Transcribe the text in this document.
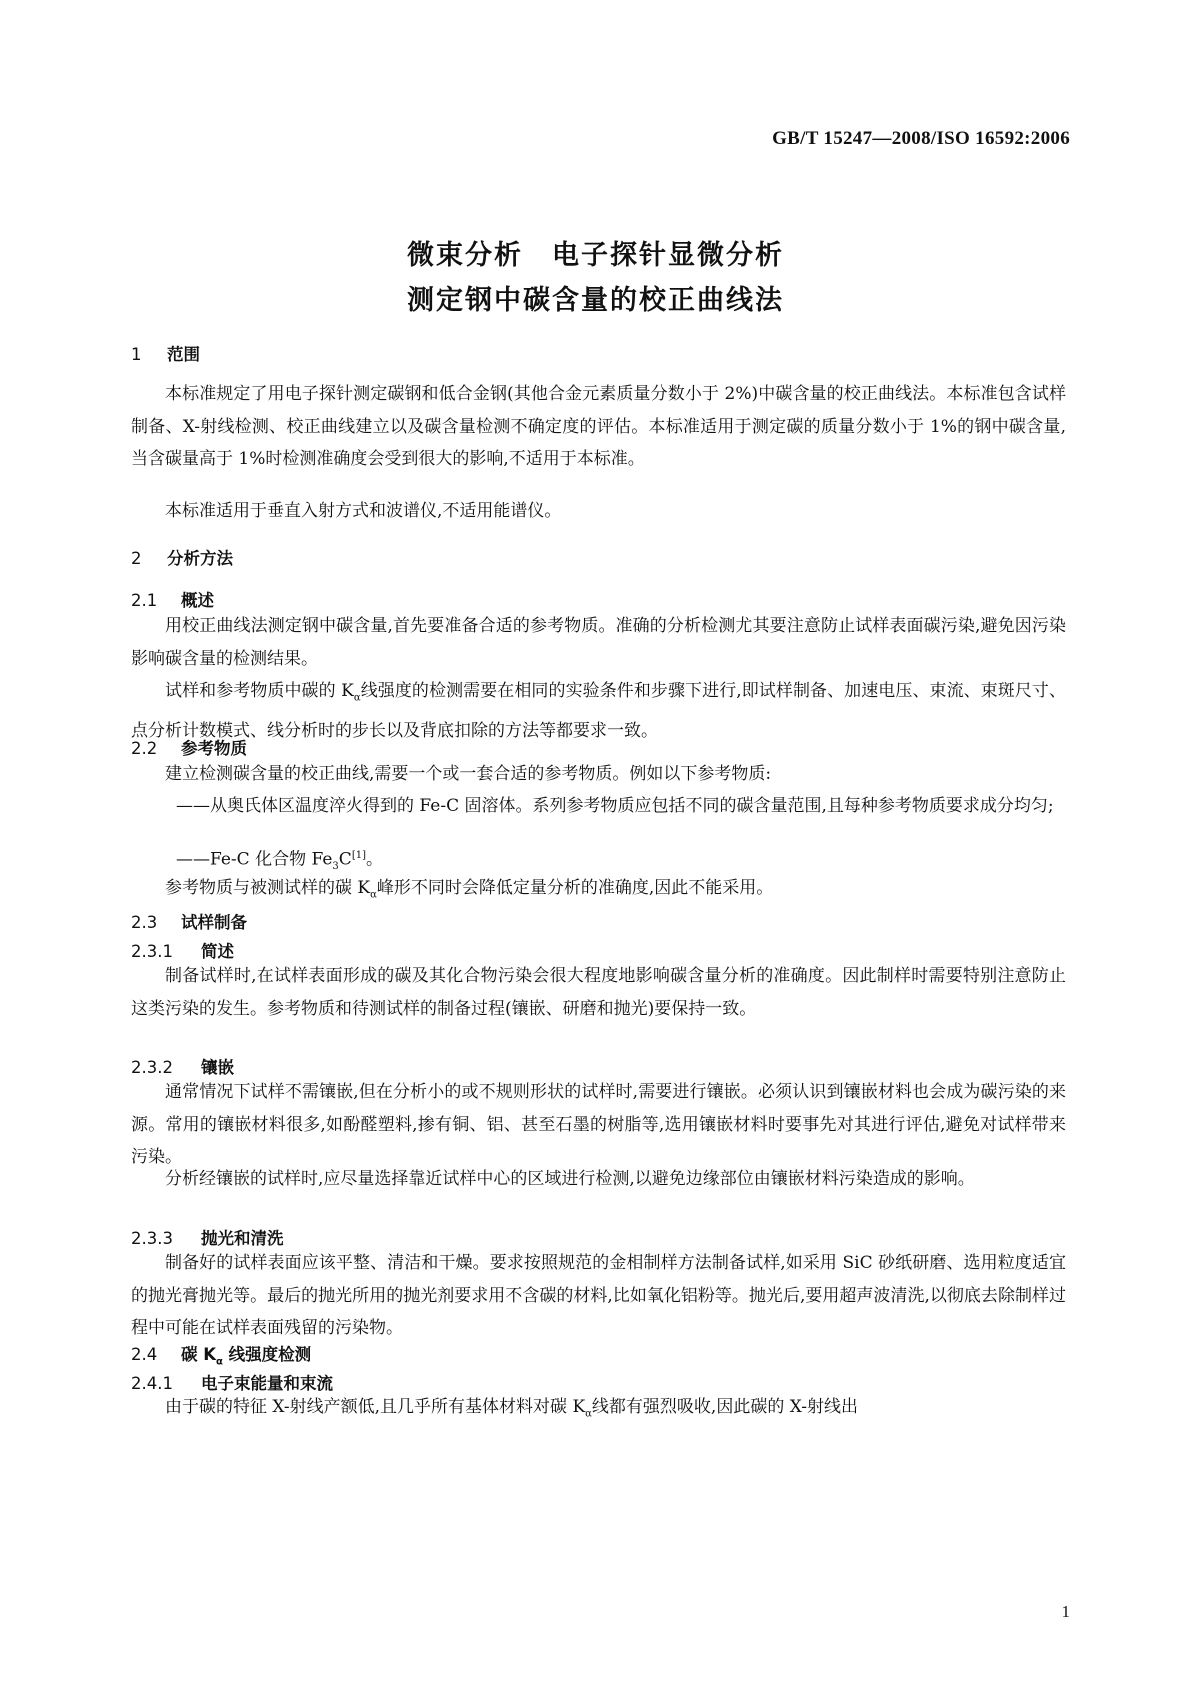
GB/T 15247—2008/ISO 16592:2006
微束分析　电子探针显微分析
测定钢中碳含量的校正曲线法
1 范围
本标准规定了用电子探针测定碳钢和低合金钢(其他合金元素质量分数小于 2%)中碳含量的校正曲线法。本标准包含试样制备、X-射线检测、校正曲线建立以及碳含量检测不确定度的评估。本标准适用于测定碳的质量分数小于 1%的钢中碳含量,当含碳量高于 1%时检测准确度会受到很大的影响,不适用于本标准。
本标准适用于垂直入射方式和波谱仪,不适用能谱仪。
2 分析方法
2.1 概述
用校正曲线法测定钢中碳含量,首先要准备合适的参考物质。准确的分析检测尤其要注意防止试样表面碳污染,避免因污染影响碳含量的检测结果。
试样和参考物质中碳的 $K_\alpha$线强度的检测需要在相同的实验条件和步骤下进行,即试样制备、加速电压、束流、束斑尺寸、点分析计数模式、线分析时的步长以及背底扣除的方法等都要求一致。
2.2 参考物质
建立检测碳含量的校正曲线,需要一个或一套合适的参考物质。例如以下参考物质:
——从奥氏体区温度淬火得到的 Fe-C 固溶体。系列参考物质应包括不同的碳含量范围,且每种参考物质要求成分均匀;
——Fe-C 化合物 $Fe_3C[1]$。
参考物质与被测试样的碳 $K_\alpha$峰形不同时会降低定量分析的准确度,因此不能采用。
2.3 试样制备
2.3.1 简述
制备试样时,在试样表面形成的碳及其化合物污染会很大程度地影响碳含量分析的准确度。因此制样时需要特别注意防止这类污染的发生。参考物质和待测试样的制备过程(镶嵌、研磨和抛光)要保持一致。
2.3.2 镶嵌
通常情况下试样不需镶嵌,但在分析小的或不规则形状的试样时,需要进行镶嵌。必须认识到镶嵌材料也会成为碳污染的来源。常用的镶嵌材料很多,如酚醛塑料,掺有铜、铝、甚至石墨的树脂等,选用镶嵌材料时要事先对其进行评估,避免对试样带来污染。
分析经镶嵌的试样时,应尽量选择靠近试样中心的区域进行检测,以避免边缘部位由镶嵌材料污染造成的影响。
2.3.3 抛光和清洗
制备好的试样表面应该平整、清洁和干燥。要求按照规范的金相制样方法制备试样,如采用 SiC 砂纸研磨、选用粒度适宜的抛光膏抛光等。最后的抛光所用的抛光剂要求用不含碳的材料,比如氧化铝粉等。抛光后,要用超声波清洗,以彻底去除制样过程中可能在试样表面残留的污染物。
2.4 碳 $K_\alpha$ 线强度检测
2.4.1 电子束能量和束流
由于碳的特征 X-射线产额低,且几乎所有基体材料对碳 $K_\alpha$线都有强烈吸收,因此碳的 X-射线出
1
